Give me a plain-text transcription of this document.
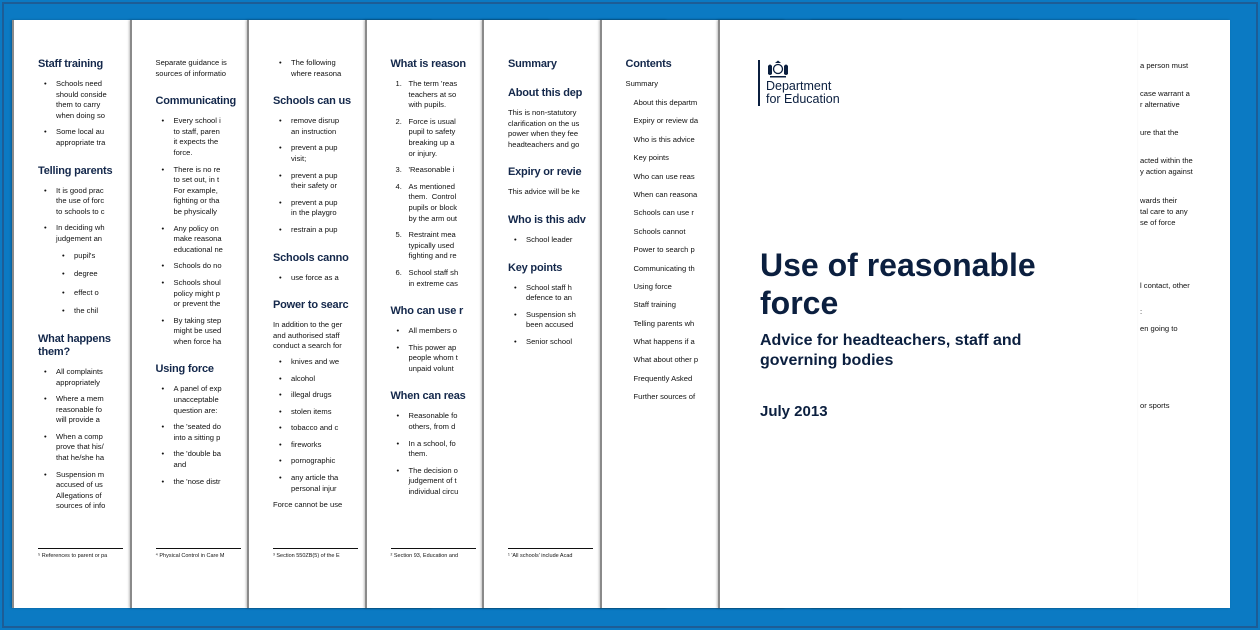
Staff training
• Schools need
should conside
them to carry
when doing so
• Some local au
appropriate tra
Telling parents
• It is good prac
the use of forc
to schools to c
• In deciding wh
judgement an
• pupil's
• degree
• effect o
• the chil
What happens
them?
• All complaints
appropriately
• Where a mem
reasonable fo
will provide a
• When a comp
prove that his/
that he/she ha
• Suspension m
accused of us
Allegations of
sources of info
⁵ References to parent or pa
Separate guidance is
sources of informatio
Communicating
• Every school i
to staff, paren
it expects the
force.
• There is no re
to set out, in t
For example,
fighting or tha
be physically
• Any policy on
make reasona
educational ne
• Schools do no
• Schools shoul
policy might p
or prevent the
• By taking step
might be used
when force ha
Using force
• A panel of exp
unacceptable
question are:
• the 'seated do
into a sitting p
• the 'double ba
and
• the 'nose distr
⁴ Physical Control in Care M
• The following
where reasona
Schools can us
• remove disrup
an instruction
• prevent a pup
visit;
• prevent a pup
their safety or
• prevent a pup
in the playgro
• restrain a pup
Schools canno
• use force as a
Power to searc
In addition to the ger
and authorised staff
conduct a search for
• knives and we
• alcohol
• illegal drugs
• stolen items
• tobacco and c
• fireworks
• pornographic
• any article tha
personal injur
Force cannot be use
³ Section 550ZB(5) of the E
What is reason
1. The term 'reas
teachers at so
with pupils.
2. Force is usual
pupil to safety
breaking up a
or injury.
3. 'Reasonable i
4. As mentioned
them.  Control
pupils or block
by the arm out
5. Restraint mea
typically used
fighting and re
6. School staff sh
in extreme cas
Who can use r
• All members o
• This power ap
people whom t
unpaid volunt
When can reas
• Reasonable fo
others, from d
• In a school, fo
them.
• The decision o
judgement of t
individual circu
² Section 93, Education and
Summary
About this dep
This is non-statutory
clarification on the us
power when they fee
headteachers and go
Expiry or revie
This advice will be ke
Who is this adv
• School leader
Key points
• School staff h
defence to an
• Suspension sh
been accused
• Senior school
¹ 'All schools' include Acad
Contents
Summary
About this departm
Expiry or review da
Who is this advice
Key points
Who can use reas
When can reasona
Schools can use r
Schools cannot
Power to search p
Communicating th
Using force
Staff training
Telling parents wh
What happens if a
What about other p
Frequently Asked
Further sources of
a person must
case warrant a
r alternative
ure that the
acted within the
y action against
wards their
tal care to any
se of force
l contact, other
:
en going to
or sports
Department
for Education
Use of reasonable force
Advice for headteachers, staff and governing bodies
July 2013
